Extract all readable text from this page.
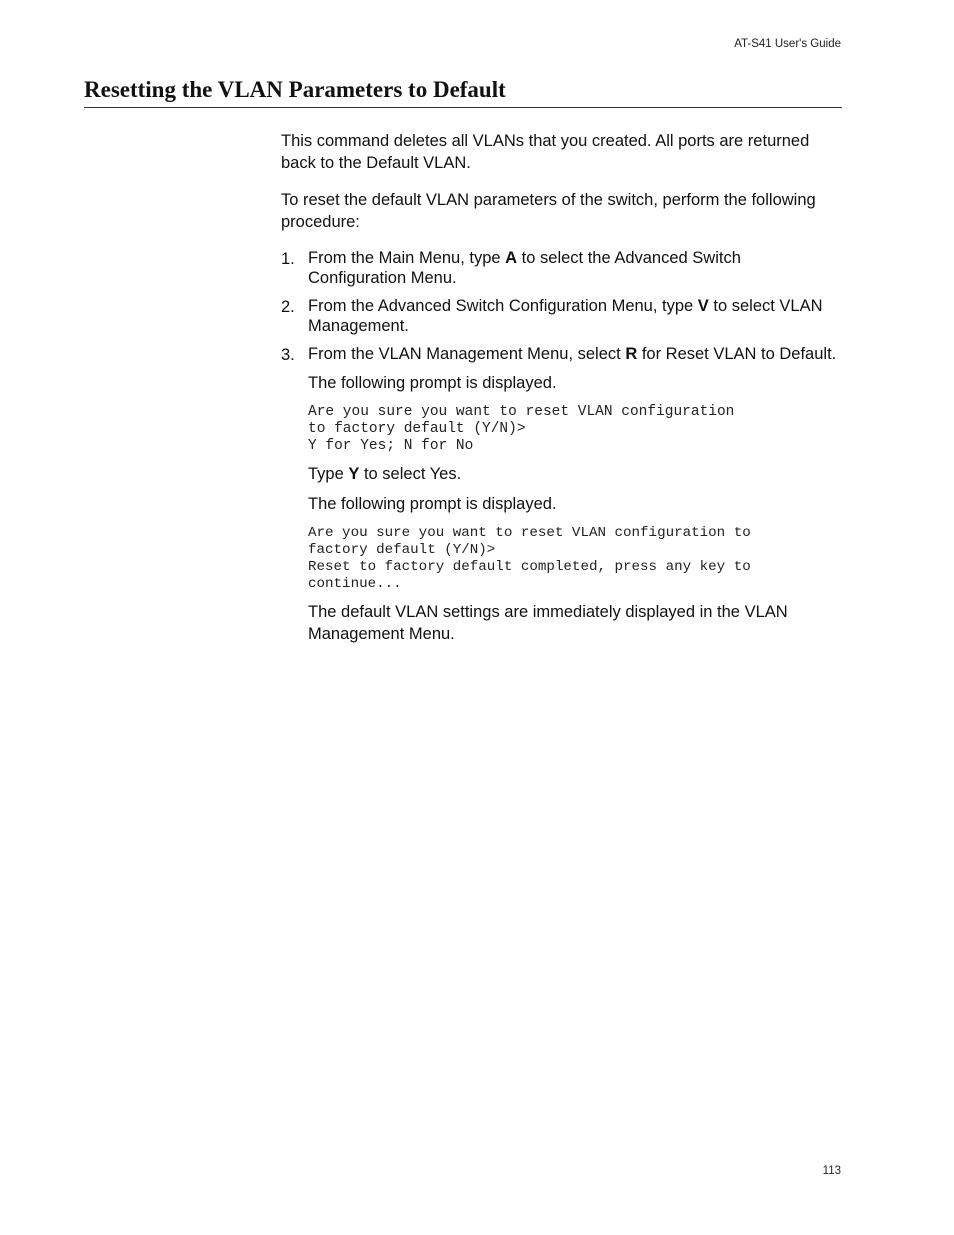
AT-S41 User's Guide
Resetting the VLAN Parameters to Default

This command deletes all VLANs that you created. All ports are returned back to the Default VLAN.

To reset the default VLAN parameters of the switch, perform the following procedure:

1. From the Main Menu, type A to select the Advanced Switch Configuration Menu.
2. From the Advanced Switch Configuration Menu, type V to select VLAN Management.
3. From the VLAN Management Menu, select R for Reset VLAN to Default.

The following prompt is displayed.

Are you sure you want to reset VLAN configuration
to factory default (Y/N)>
Y for Yes; N for No

Type Y to select Yes.

The following prompt is displayed.

Are you sure you want to reset VLAN configuration to
factory default (Y/N)>
Reset to factory default completed, press any key to
continue...

The default VLAN settings are immediately displayed in the VLAN Management Menu.

113
